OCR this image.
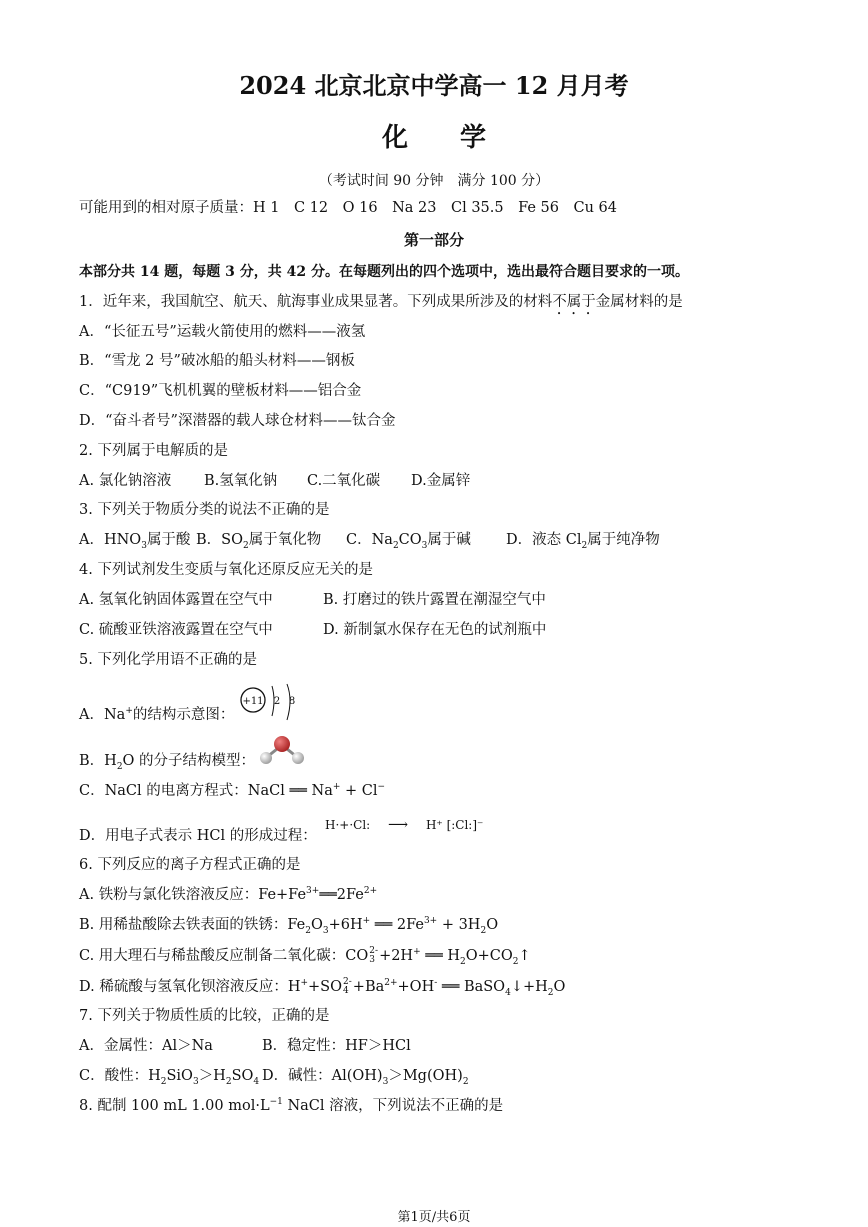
2024 北京北京中学高一 12 月月考
化　　学
（考试时间 90 分钟　满分 100 分）
可能用到的相对原子质量：H 1　C 12　O 16　Na 23　Cl 35.5　Fe 56　Cu 64
第一部分
本部分共 14 题，每题 3 分，共 42 分。在每题列出的四个选项中，选出最符合题目要求的一项。
1．近年来，我国航空、航天、航海事业成果显著。下列成果所涉及的材料不属于金属材料的是
A．“长征五号”运载火箭使用的燃料——液氢
B．“雪龙 2 号”破冰船的船头材料——钢板
C．“C919”飞机机翼的壁板材料——铝合金
D．“奋斗者号”深潜器的载人球仓材料——钛合金
2. 下列属于电解质的是
A. 氯化钠溶液 B.氢氧化钠 C.二氧化碳 D.金属锌
3. 下列关于物质分类的说法不正确的是
A．$HNO_3$属于酸 B．$SO_2$属于氧化物 C．$Na_2CO_3$属于碱 D．液态 $Cl_2$属于纯净物
4. 下列试剂发生变质与氧化还原反应无关的是
A. 氢氧化钠固体露置在空气中	B. 打磨过的铁片露置在潮湿空气中
C. 硫酸亚铁溶液露置在空气中	D. 新制氯水保存在无色的试剂瓶中
5. 下列化学用语不正确的是
A．Na+的结构示意图：
+11 2 8
B．$H_2O$ 的分子结构模型：
C．NaCl 的电离方程式：NaCl ══ Na+ + Cl−
D．用电子式表示 HCl 的形成过程：
H·+·Cl: ⟶ H⁺ [:Cl:]⁻
6. 下列反应的离子方程式正确的是
A. 铁粉与氯化铁溶液反应：$Fe+Fe^{3+}══2Fe^{2+}$
B. 用稀盐酸除去铁表面的铁锈：$Fe_2O_3+6H^+$ ══ $2Fe^{3+} + 3H_2O$
C. 用大理石与稀盐酸反应制备二氧化碳：CO 2-
3 +2H+ ══ $H_2O+CO_2↑$
D. 稀硫酸与氢氧化钡溶液反应：H++SO 2-
$4 +Ba^{2+}+OH^-$ ══ $BaSO_4↓+H_2O$
7. 下列关于物质性质的比较，正确的是
A．金属性：Al＞Na	B．稳定性：HF＞HCl
C．酸性：$H_2SiO_3>H_2SO_4$ D．碱性：$Al(OH)_3>Mg(OH)_2$
8. 配制 100 mL 1.00 $mol\cdot L^{-1}$ NaCl 溶液，下列说法不正确的是
第1页/共6页
